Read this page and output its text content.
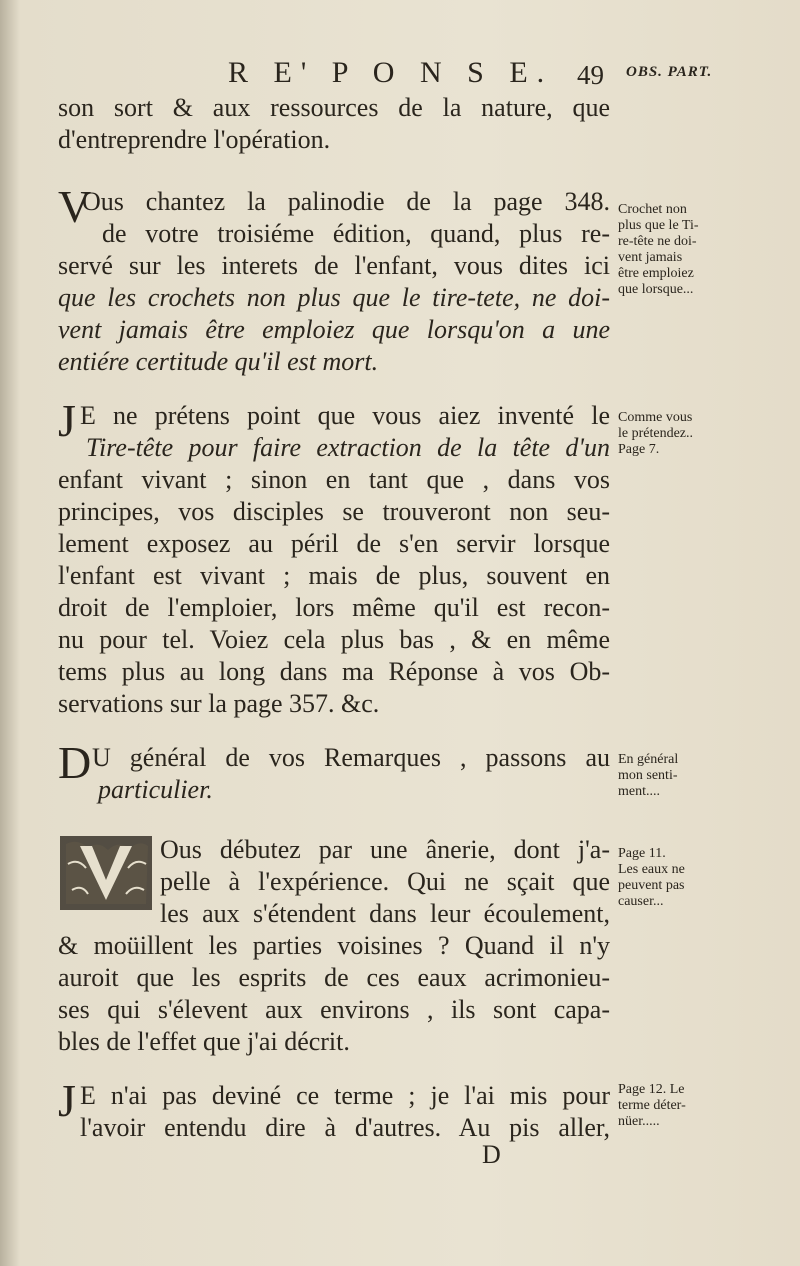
R E' P O N S E. 49 OBS. PART.
son sort & aux ressources de la nature, que
d'entreprendre l'opération.
V
Ous chantez la palinodie de la page 348.
de votre troisiéme édition, quand, plus re-
servé sur les interets de l'enfant, vous dites ici
que les crochets non plus que le tire-tete, ne doi-
vent jamais être emploiez que lorsqu'on a une
entiére certitude qu'il est mort.
Crochet non
plus que le Ti-
re-tête ne doi-
vent jamais
être emploiez
que lorsque...
J E ne prétens point que vous aiez inventé le
Tire-tête pour faire extraction de la tête d'un
enfant vivant ; sinon en tant que , dans vos
principes, vos disciples se trouveront non seu-
lement exposez au péril de s'en servir lorsque
l'enfant est vivant ; mais de plus, souvent en
droit de l'emploier, lors même qu'il est recon-
nu pour tel. Voiez cela plus bas , & en même
tems plus au long dans ma Réponse à vos Ob-
servations sur la page 357. &c.
Comme vous
le prétendez..
Page 7.
D U général de vos Remarques , passons au
particulier.
En général
mon senti-
ment....
Ous débutez par une ânerie, dont j'a-
pelle à l'expérience. Qui ne sçait que
les aux s'étendent dans leur écoulement,
& moüillent les parties voisines ? Quand il n'y
auroit que les esprits de ces eaux acrimonieu-
ses qui s'élevent aux environs , ils sont capa-
bles de l'effet que j'ai décrit.
Page 11.
Les eaux ne
peuvent pas
causer...
J E n'ai pas deviné ce terme ; je l'ai mis pour
l'avoir entendu dire à d'autres. Au pis aller,
Page 12. Le
terme déter-
nüer.....
D
